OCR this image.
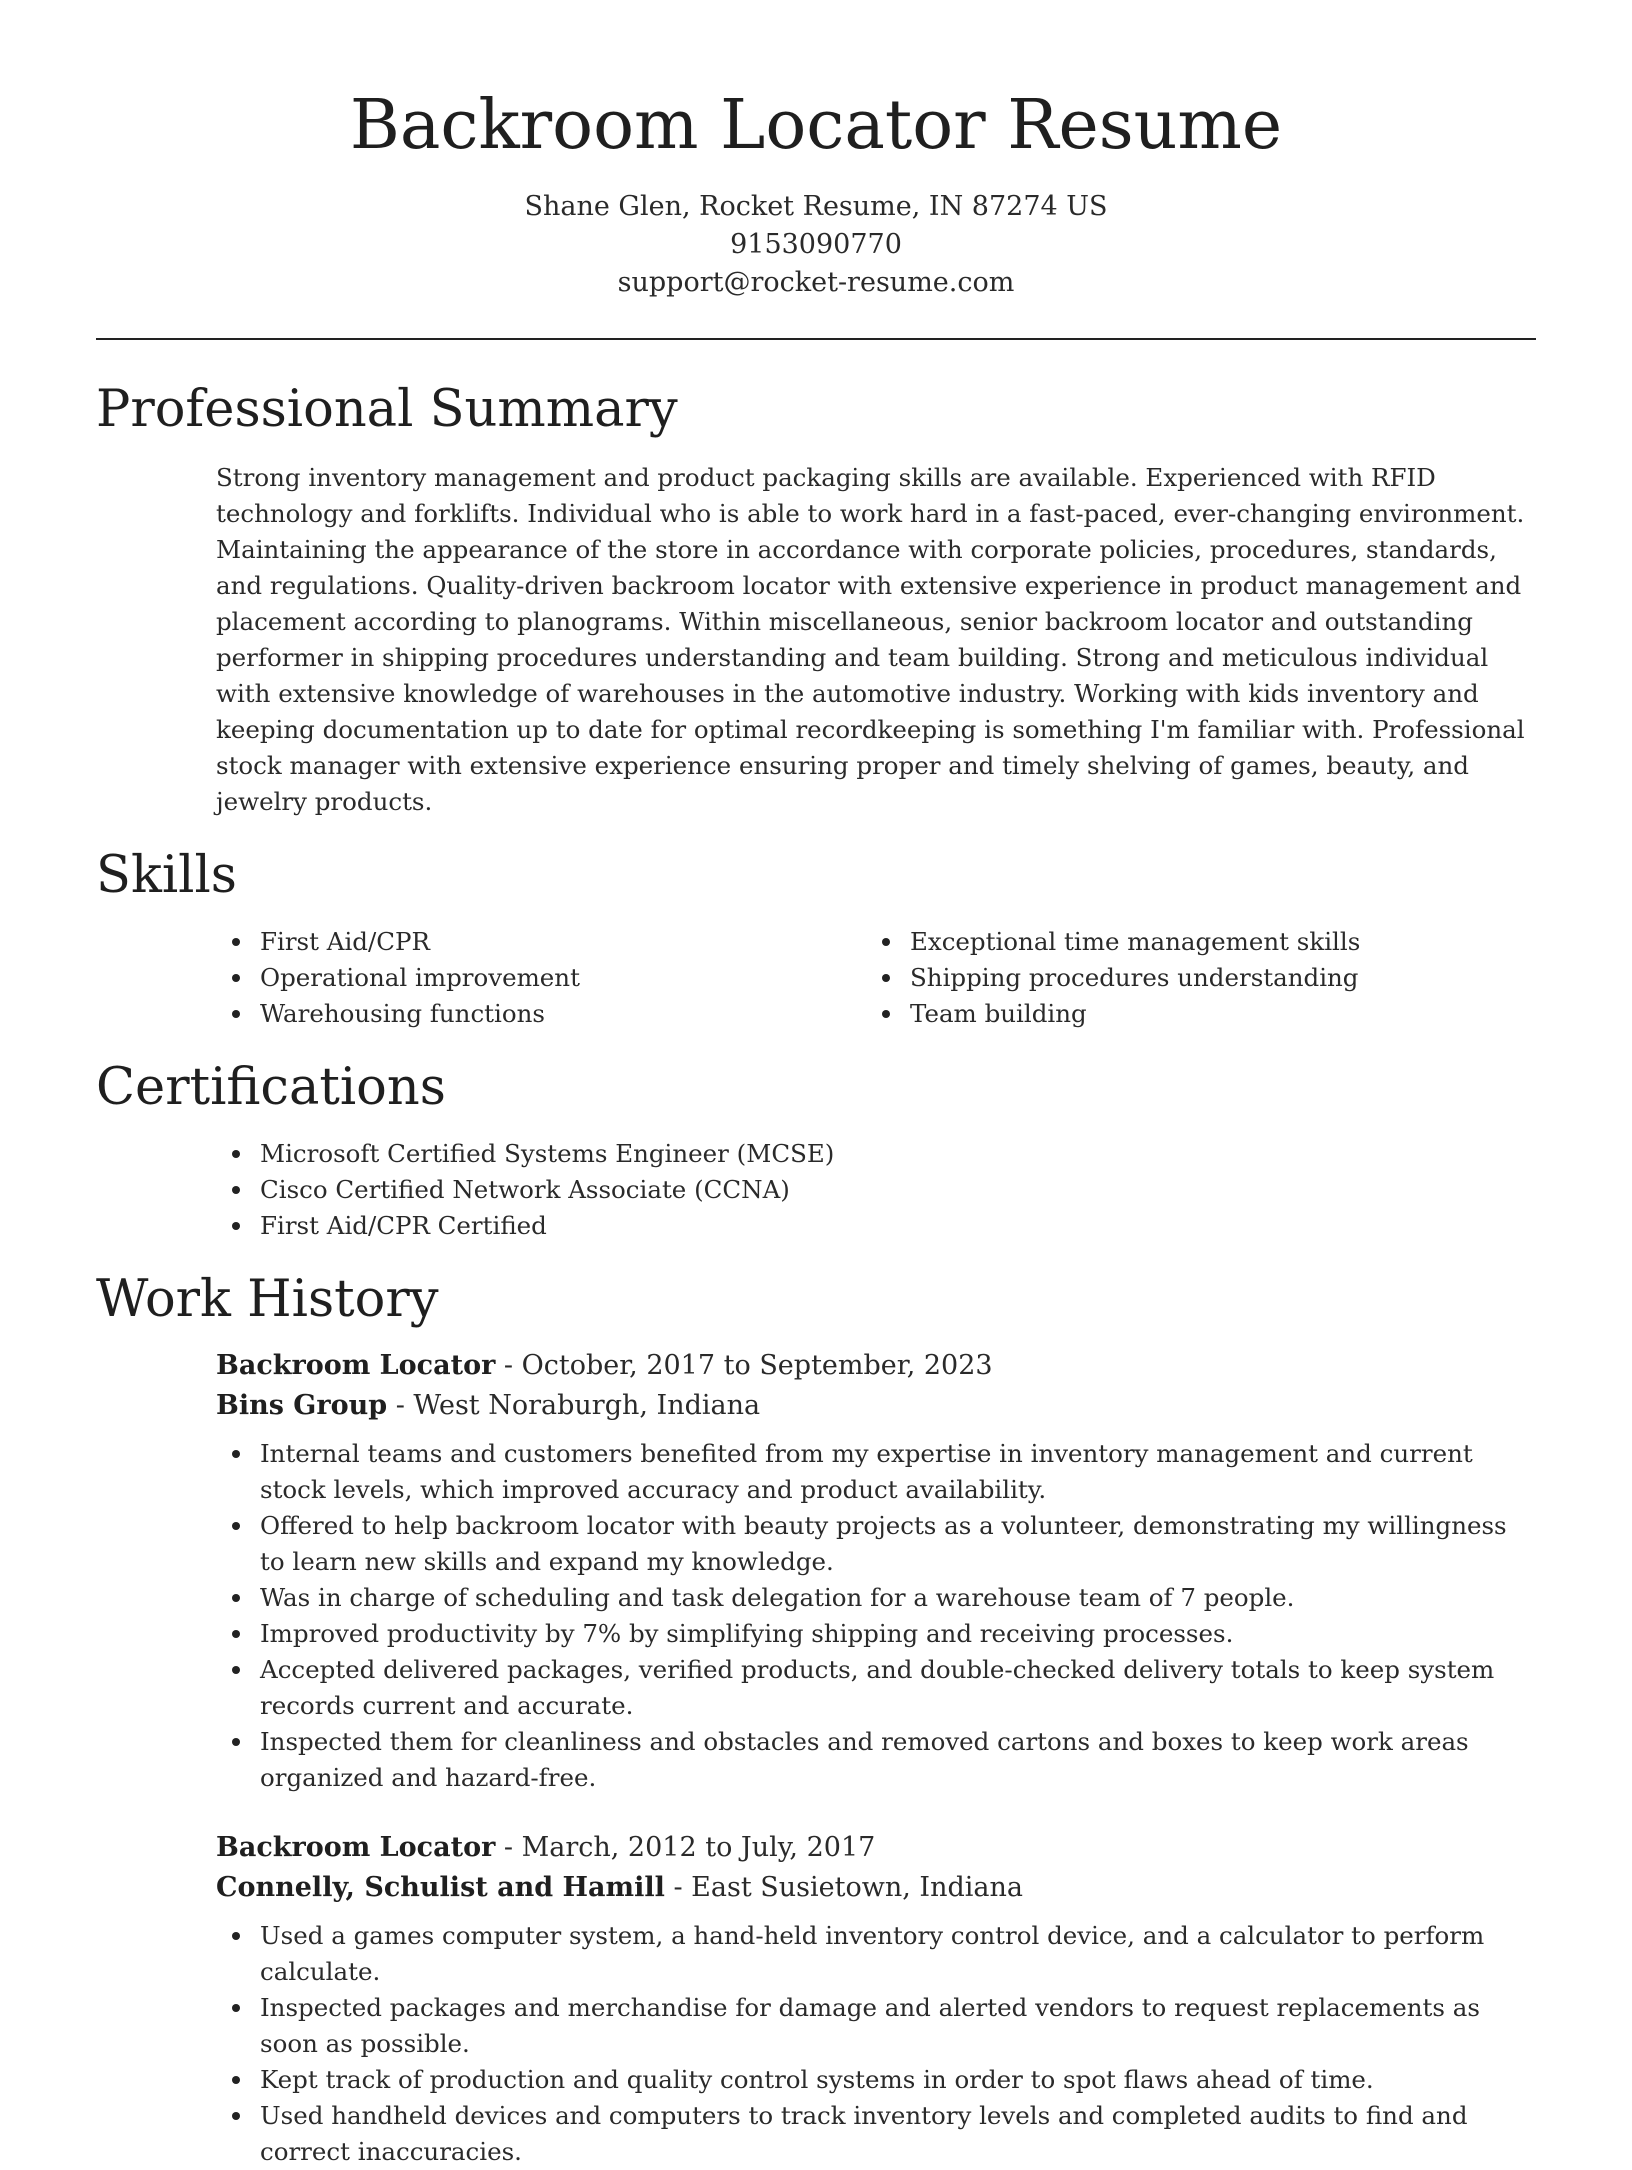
Backroom Locator Resume
Shane Glen, Rocket Resume, IN 87274 US
9153090770
support@rocket-resume.com
Professional Summary

Strong inventory management and product packaging skills are available. Experienced with RFID technology and forklifts. Individual who is able to work hard in a fast-paced, ever-changing environment. Maintaining the appearance of the store in accordance with corporate policies, procedures, standards, and regulations. Quality-driven backroom locator with extensive experience in product management and placement according to planograms. Within miscellaneous, senior backroom locator and outstanding performer in shipping procedures understanding and team building. Strong and meticulous individual with extensive knowledge of warehouses in the automotive industry. Working with kids inventory and keeping documentation up to date for optimal recordkeeping is something I'm familiar with. Professional stock manager with extensive experience ensuring proper and timely shelving of games, beauty, and jewelry products.

Skills
First Aid/CPR
Operational improvement
Warehousing functions
Exceptional time management skills
Shipping procedures understanding
Team building
Certifications
Microsoft Certified Systems Engineer (MCSE)
Cisco Certified Network Associate (CCNA)
First Aid/CPR Certified
Work History
Backroom Locator - October, 2017 to September, 2023
Bins Group - West Noraburgh, Indiana
Internal teams and customers benefited from my expertise in inventory management and current stock levels, which improved accuracy and product availability.
Offered to help backroom locator with beauty projects as a volunteer, demonstrating my willingness to learn new skills and expand my knowledge.
Was in charge of scheduling and task delegation for a warehouse team of 7 people.
Improved productivity by 7% by simplifying shipping and receiving processes.
Accepted delivered packages, verified products, and double-checked delivery totals to keep system records current and accurate.
Inspected them for cleanliness and obstacles and removed cartons and boxes to keep work areas organized and hazard-free.
Backroom Locator - March, 2012 to July, 2017
Connelly, Schulist and Hamill - East Susietown, Indiana
Used a games computer system, a hand-held inventory control device, and a calculator to perform calculate.
Inspected packages and merchandise for damage and alerted vendors to request replacements as soon as possible.
Kept track of production and quality control systems in order to spot flaws ahead of time.
Used handheld devices and computers to track inventory levels and completed audits to find and correct inaccuracies.
